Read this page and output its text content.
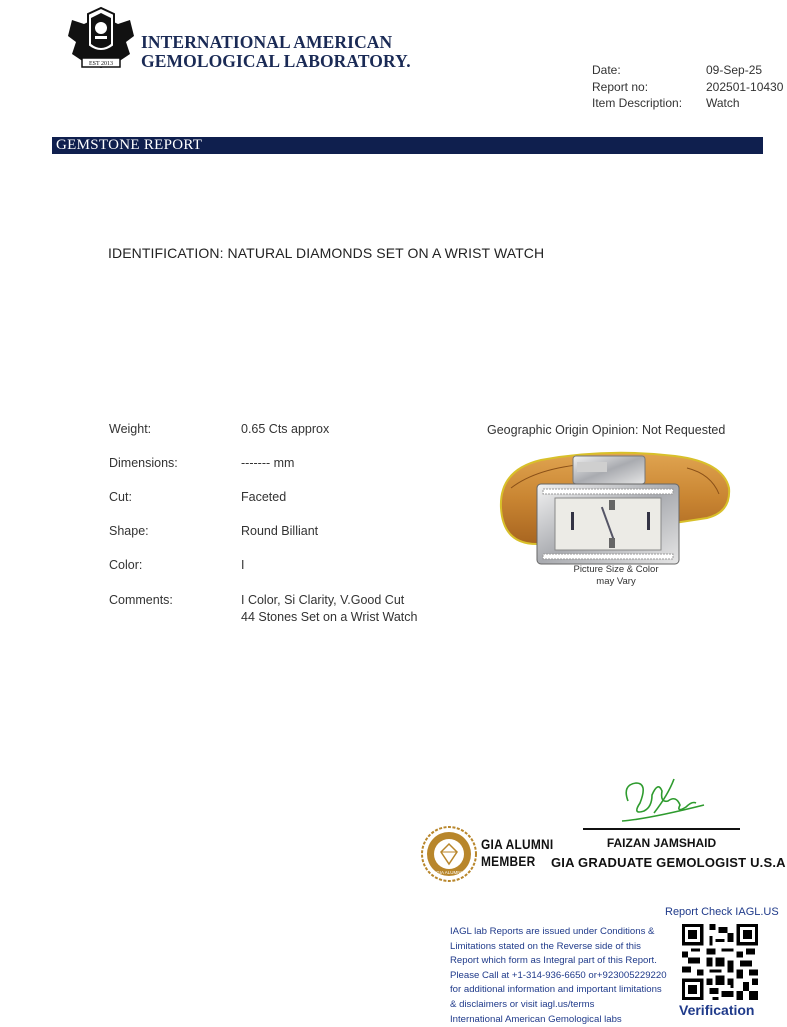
EST 2013
INTERNATIONAL AMERICAN
GEMOLOGICAL LABORATORY.	Date:	09-Sep-25
Report no:	202501-10430
Item Description:	Watch
GEMSTONE REPORT
IDENTIFICATION: NATURAL DIAMONDS SET ON A WRIST WATCH
Weight:	0.65 Cts approx
Dimensions:	------- mm
Cut:	Faceted
Shape:	Round Billiant
Color:	I
Comments:	I Color, Si Clarity, V.Good Cut
44 Stones Set on a Wrist Watch
Geographic Origin Opinion: Not Requested
Picture Size & Color
may Vary
FAIZAN JAMSHAID
GIA GRADUATE GEMOLOGIST U.S.A
GIA ALUMNI
GIA ALUMNI
MEMBER
Report Check IAGL.US
Verification
IAGL lab Reports are issued under Conditions &
Limitations stated on the Reverse side of this
Report which form as Integral part of this Report.
Please Call at +1-314-936-6650 or+923005229220
for additional information and important limitations
& disclaimers or visit iagl.us/terms
International American Gemological labs
